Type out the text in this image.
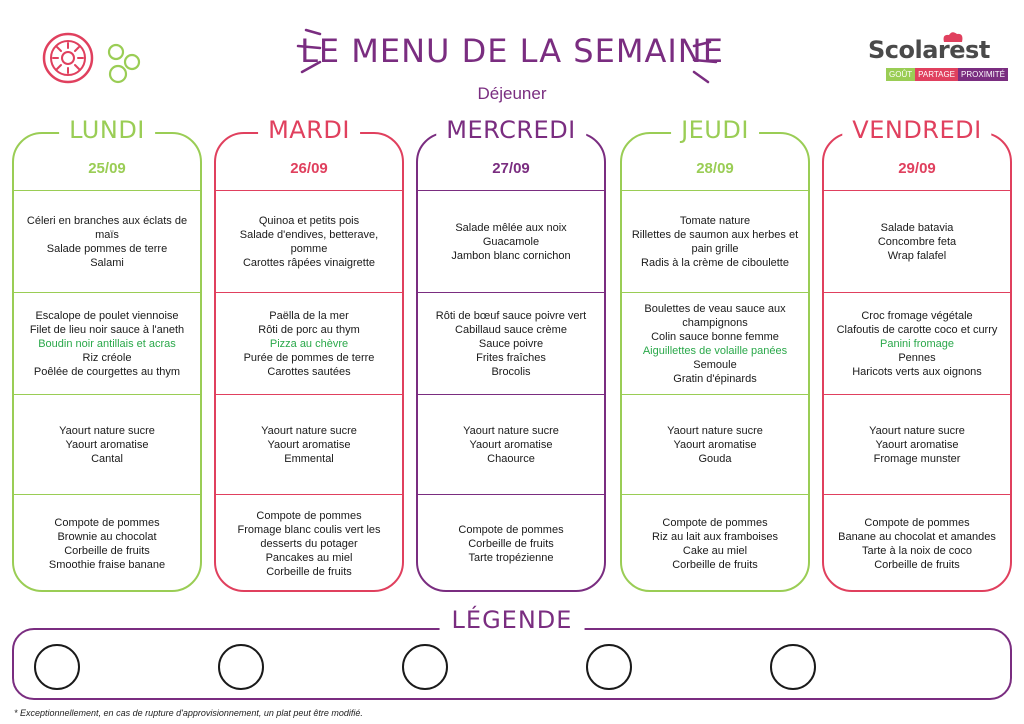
LE MENU DE LA SEMAINE
Déjeuner
Scolarest
GOÛT PARTAGE PROXIMITÉ
LUNDI
25/09
Céleri en branches aux éclats de maïs
Salade pommes de terre
Salami
Escalope de poulet viennoise
Filet de lieu noir sauce à l'aneth
Boudin noir antillais et acras
Riz créole
Poêlée de courgettes au thym
Yaourt nature sucre
Yaourt aromatise
Cantal
Compote de pommes
Brownie au chocolat
Corbeille de fruits
Smoothie fraise banane
MARDI
26/09
Quinoa et petits pois
Salade d'endives, betterave, pomme
Carottes râpées vinaigrette
Paëlla de la mer
Rôti de porc au thym
Pizza au chèvre
Purée de pommes de terre
Carottes sautées
Yaourt nature sucre
Yaourt aromatise
Emmental
Compote de pommes
Fromage blanc coulis vert les desserts du potager
Pancakes au miel
Corbeille de fruits
MERCREDI
27/09
Salade mêlée aux noix
Guacamole
Jambon blanc cornichon
Rôti de bœuf sauce poivre vert
Cabillaud sauce crème
Sauce poivre
Frites fraîches
Brocolis
Yaourt nature sucre
Yaourt aromatise
Chaource
Compote de pommes
Corbeille de fruits
Tarte tropézienne
JEUDI
28/09
Tomate nature
Rillettes de saumon aux herbes et pain grille
Radis à la crème de ciboulette
Boulettes de veau sauce aux champignons
Colin sauce bonne femme
Aiguillettes de volaille panées
Semoule
Gratin d'épinards
Yaourt nature sucre
Yaourt aromatise
Gouda
Compote de pommes
Riz au lait aux framboises
Cake au miel
Corbeille de fruits
VENDREDI
29/09
Salade batavia
Concombre feta
Wrap falafel
Croc fromage végétale
Clafoutis de carotte coco et curry
Panini fromage
Pennes
Haricots verts aux oignons
Yaourt nature sucre
Yaourt aromatise
Fromage munster
Compote de pommes
Banane au chocolat et amandes
Tarte à la noix de coco
Corbeille de fruits
LÉGENDE
* Exceptionnellement, en cas de rupture d'approvisionnement, un plat peut être modifié.
